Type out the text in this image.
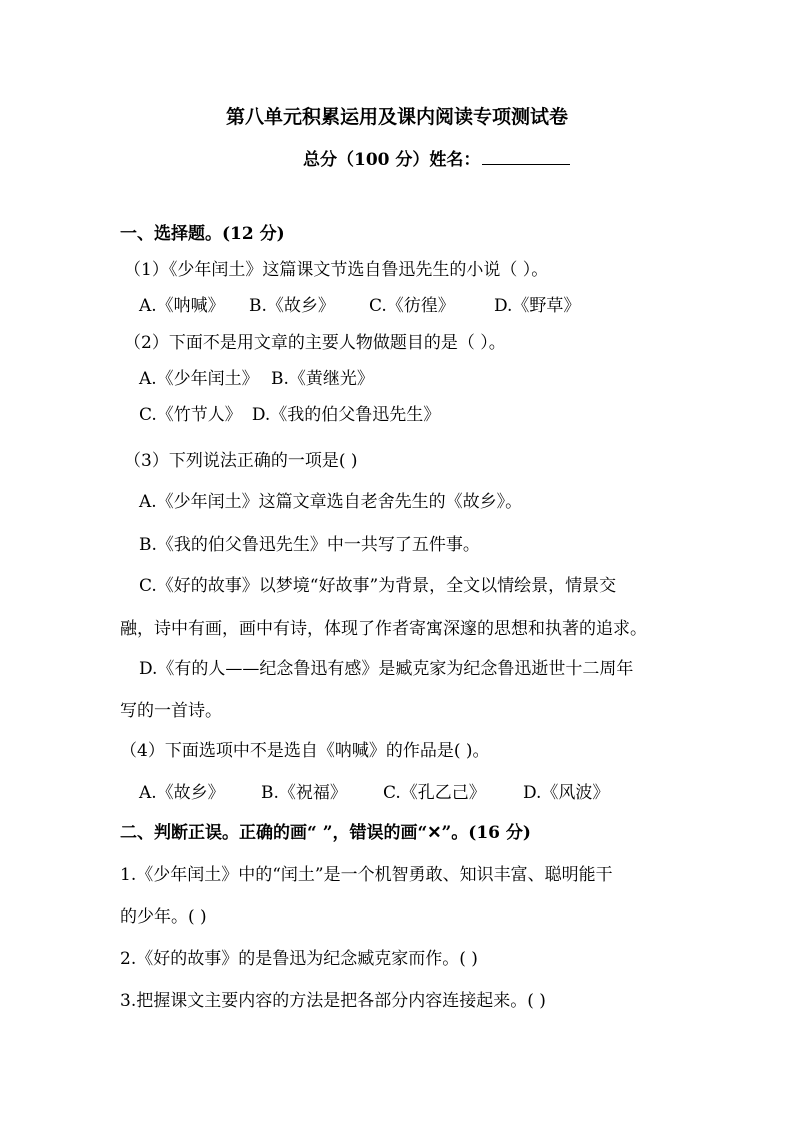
第八单元积累运用及课内阅读专项测试卷
总分（100 分）姓名：
一、选择题。(12 分)
（1）《少年闰土》这篇课文节选自鲁迅先生的小说（ ）。
A.《呐喊》 B.《故乡》 C.《彷徨》 D.《野草》
（2）下面不是用文章的主要人物做题目的是（ ）。
A.《少年闰土》 B.《黄继光》
C.《竹节人》 D.《我的伯父鲁迅先生》
（3）下列说法正确的一项是( )
A.《少年闰土》这篇文章选自老舍先生的《故乡》。
B.《我的伯父鲁迅先生》中一共写了五件事。
C.《好的故事》以梦境“好故事”为背景，全文以情绘景，情景交
融，诗中有画，画中有诗，体现了作者寄寓深邃的思想和执著的追求。
D.《有的人——纪念鲁迅有感》是臧克家为纪念鲁迅逝世十二周年
写的一首诗。
（4）下面选项中不是选自《呐喊》的作品是( )。
A.《故乡》 B.《祝福》 C.《孔乙己》 D.《风波》
二、判断正误。正确的画“ ”，错误的画“✕”。(16 分)
1.《少年闰土》中的“闰土”是一个机智勇敢、知识丰富、聪明能干
的少年。( )
2.《好的故事》的是鲁迅为纪念臧克家而作。( )
3.把握课文主要内容的方法是把各部分内容连接起来。( )
